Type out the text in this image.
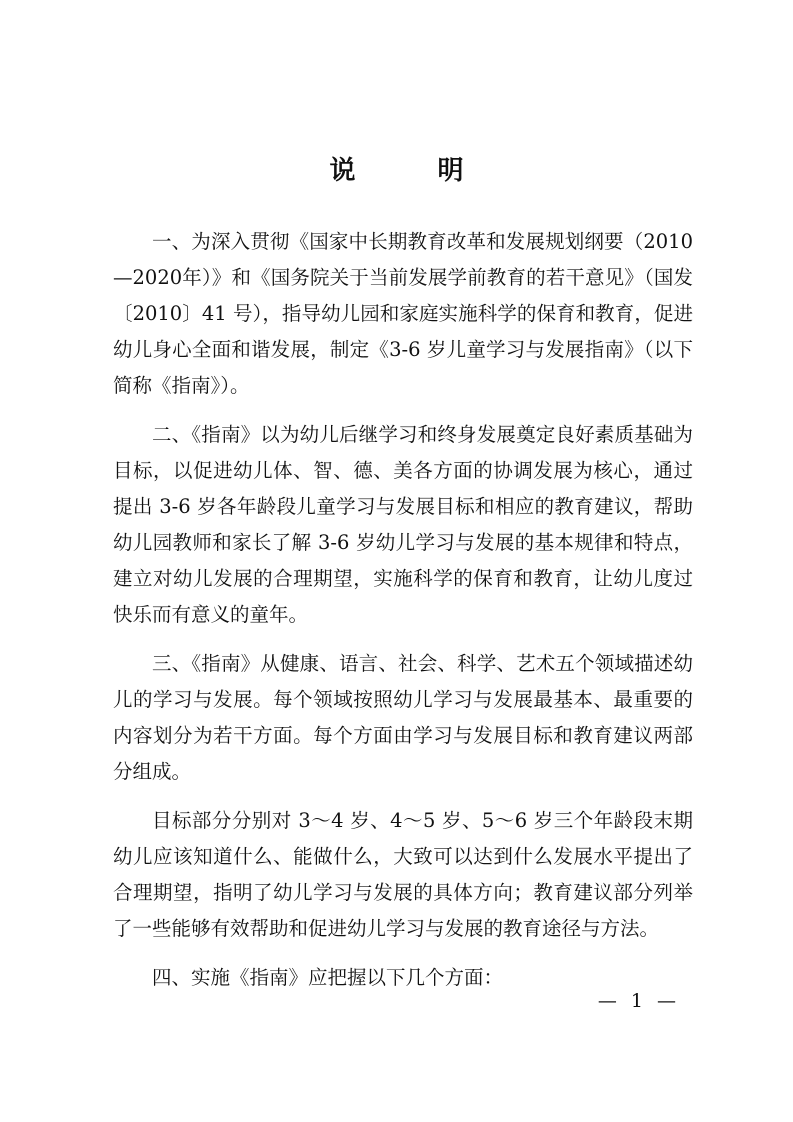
说　明

一、为深入贯彻《国家中长期教育改革和发展规划纲要（2010—2020年）》和《国务院关于当前发展学前教育的若干意见》（国发〔2010〕41 号），指导幼儿园和家庭实施科学的保育和教育，促进幼儿身心全面和谐发展，制定《3-6 岁儿童学习与发展指南》（以下简称《指南》）。

二、《指南》以为幼儿后继学习和终身发展奠定良好素质基础为目标，以促进幼儿体、智、德、美各方面的协调发展为核心，通过提出 3-6 岁各年龄段儿童学习与发展目标和相应的教育建议，帮助幼儿园教师和家长了解 3-6 岁幼儿学习与发展的基本规律和特点，建立对幼儿发展的合理期望，实施科学的保育和教育，让幼儿度过快乐而有意义的童年。

三、《指南》从健康、语言、社会、科学、艺术五个领域描述幼儿的学习与发展。每个领域按照幼儿学习与发展最基本、最重要的内容划分为若干方面。每个方面由学习与发展目标和教育建议两部分组成。

目标部分分别对 3～4 岁、4～5 岁、5～6 岁三个年龄段末期幼儿应该知道什么、能做什么，大致可以达到什么发展水平提出了合理期望，指明了幼儿学习与发展的具体方向；教育建议部分列举了一些能够有效帮助和促进幼儿学习与发展的教育途径与方法。

四、实施《指南》应把握以下几个方面：

— 1 —
